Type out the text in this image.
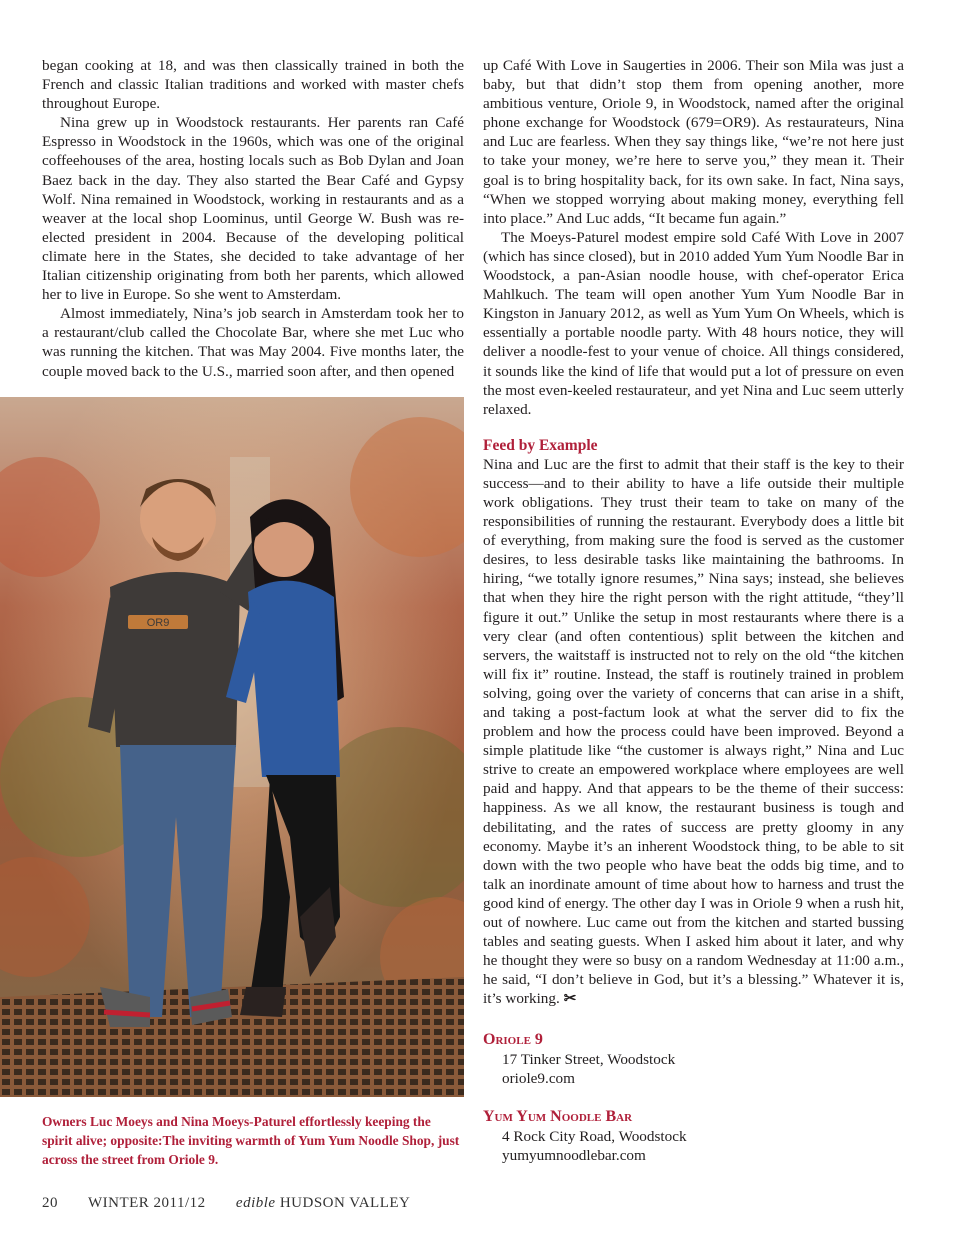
began cooking at 18, and was then classically trained in both the French and classic Italian traditions and worked with master chefs throughout Europe.

Nina grew up in Woodstock restaurants. Her parents ran Café Espresso in Woodstock in the 1960s, which was one of the original coffeehouses of the area, hosting locals such as Bob Dylan and Joan Baez back in the day. They also started the Bear Café and Gypsy Wolf. Nina remained in Woodstock, working in restaurants and as a weaver at the local shop Loominus, until George W. Bush was re-elected president in 2004. Because of the developing political climate here in the States, she decided to take advantage of her Italian citizenship originating from both her parents, which allowed her to live in Europe. So she went to Amsterdam.

Almost immediately, Nina’s job search in Amsterdam took her to a restaurant/club called the Chocolate Bar, where she met Luc who was running the kitchen. That was May 2004. Five months later, the couple moved back to the U.S., married soon after, and then opened

OR9
Owners Luc Moeys and Nina Moeys-Paturel effortlessly keeping the spirit alive; opposite:The inviting warmth of Yum Yum Noodle Shop, just across the street from Oriole 9.

up Café With Love in Saugerties in 2006. Their son Mila was just a baby, but that didn’t stop them from opening another, more ambitious venture, Oriole 9, in Woodstock, named after the original phone exchange for Woodstock (679=OR9). As restaurateurs, Nina and Luc are fearless. When they say things like, “we’re not here just to take your money, we’re here to serve you,” they mean it. Their goal is to bring hospitality back, for its own sake. In fact, Nina says, “When we stopped worrying about making money, everything fell into place.” And Luc adds, “It became fun again.”

The Moeys-Paturel modest empire sold Café With Love in 2007 (which has since closed), but in 2010 added Yum Yum Noodle Bar in Woodstock, a pan-Asian noodle house, with chef-operator Erica Mahlkuch. The team will open another Yum Yum Noodle Bar in Kingston in January 2012, as well as Yum Yum On Wheels, which is essentially a portable noodle party. With 48 hours notice, they will deliver a noodle-fest to your venue of choice. All things considered, it sounds like the kind of life that would put a lot of pressure on even the most even-keeled restaurateur, and yet Nina and Luc seem utterly relaxed.

Feed by Example

Nina and Luc are the first to admit that their staff is the key to their success—and to their ability to have a life outside their multiple work obligations. They trust their team to take on many of the responsibilities of running the restaurant. Everybody does a little bit of everything, from making sure the food is served as the customer desires, to less desirable tasks like maintaining the bathrooms. In hiring, “we totally ignore resumes,” Nina says; instead, she believes that when they hire the right person with the right attitude, “they’ll figure it out.” Unlike the setup in most restaurants where there is a very clear (and often contentious) split between the kitchen and servers, the waitstaff is instructed not to rely on the old “the kitchen will fix it” routine. Instead, the staff is routinely trained in problem solving, going over the variety of concerns that can arise in a shift, and taking a post-factum look at what the server did to fix the problem and how the process could have been improved. Beyond a simple platitude like “the customer is always right,” Nina and Luc strive to create an empowered workplace where employees are well paid and happy. And that appears to be the theme of their success: happiness. As we all know, the restaurant business is tough and debilitating, and the rates of success are pretty gloomy in any economy. Maybe it’s an inherent Woodstock thing, to be able to sit down with the two people who have beat the odds big time, and to talk an inordinate amount of time about how to harness and trust the good kind of energy. The other day I was in Oriole 9 when a rush hit, out of nowhere. Luc came out from the kitchen and started bussing tables and seating guests. When I asked him about it later, and why he thought they were so busy on a random Wednesday at 11:00 a.m., he said, “I don’t believe in God, but it’s a blessing.” Whatever it is, it’s working. ✂

Oriole 9
17 Tinker Street, Woodstock
oriole9.com
Yum Yum Noodle Bar
4 Rock City Road, Woodstock
yumyumnoodlebar.com
20 WINTER 2011/12 edible HUDSON VALLEY
